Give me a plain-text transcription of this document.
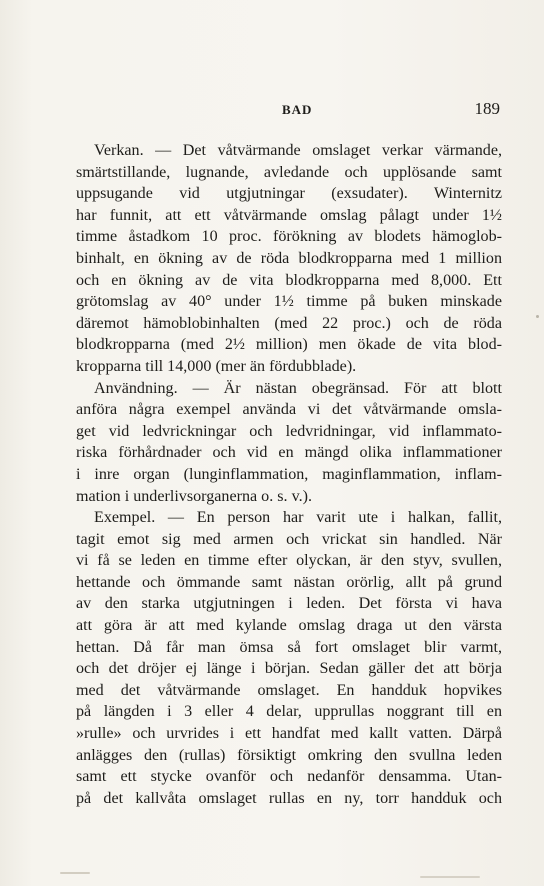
BAD	189
Verkan. — Det våtvärmande omslaget verkar värmande,
smärtstillande, lugnande, avledande och upplösande samt
uppsugande vid utgjutningar (exsudater). Winternitz
har funnit, att ett våtvärmande omslag pålagt under 1½
timme åstadkom 10 proc. förökning av blodets hämoglob-
binhalt, en ökning av de röda blodkropparna med 1 million
och en ökning av de vita blodkropparna med 8,000. Ett
grötomslag av 40° under 1½ timme på buken minskade
däremot hämoblobinhalten (med 22 proc.) och de röda
blodkropparna (med 2½ million) men ökade de vita blod-
kropparna till 14,000 (mer än fördubblade).
Användning. — Är nästan obegränsad. För att blott
anföra några exempel använda vi det våtvärmande omsla-
get vid ledvrickningar och ledvridningar, vid inflammato-
riska förhårdnader och vid en mängd olika inflammationer
i inre organ (lunginflammation, maginflammation, inflam-
mation i underlivsorganerna o. s. v.).
Exempel. — En person har varit ute i halkan, fallit,
tagit emot sig med armen och vrickat sin handled. När
vi få se leden en timme efter olyckan, är den styv, svullen,
hettande och ömmande samt nästan orörlig, allt på grund
av den starka utgjutningen i leden. Det första vi hava
att göra är att med kylande omslag draga ut den värsta
hettan. Då får man ömsa så fort omslaget blir varmt,
och det dröjer ej länge i början. Sedan gäller det att börja
med det våtvärmande omslaget. En handduk hopvikes
på längden i 3 eller 4 delar, upprullas noggrant till en
»rulle» och urvrides i ett handfat med kallt vatten. Därpå
anlägges den (rullas) försiktigt omkring den svullna leden
samt ett stycke ovanför och nedanför densamma. Utan-
på det kallvåta omslaget rullas en ny, torr handduk och
